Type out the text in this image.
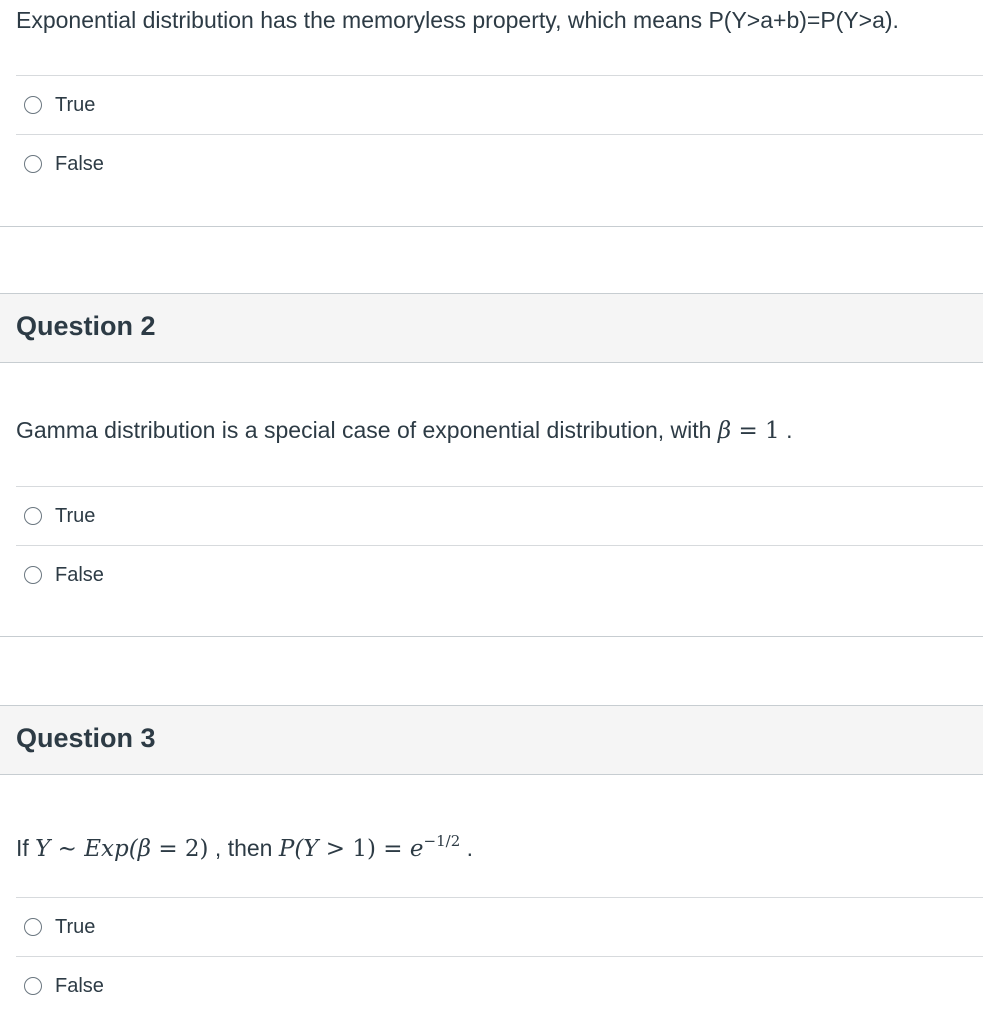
Exponential distribution has the memoryless property, which means P(Y>a+b)=P(Y>a).
True
False
Question 2
Gamma distribution is a special case of exponential distribution, with β = 1 .
True
False
Question 3
If Y ∼ Exp(β = 2) , then $P(Y > 1) = e^{-1/2}$ .
True
False
